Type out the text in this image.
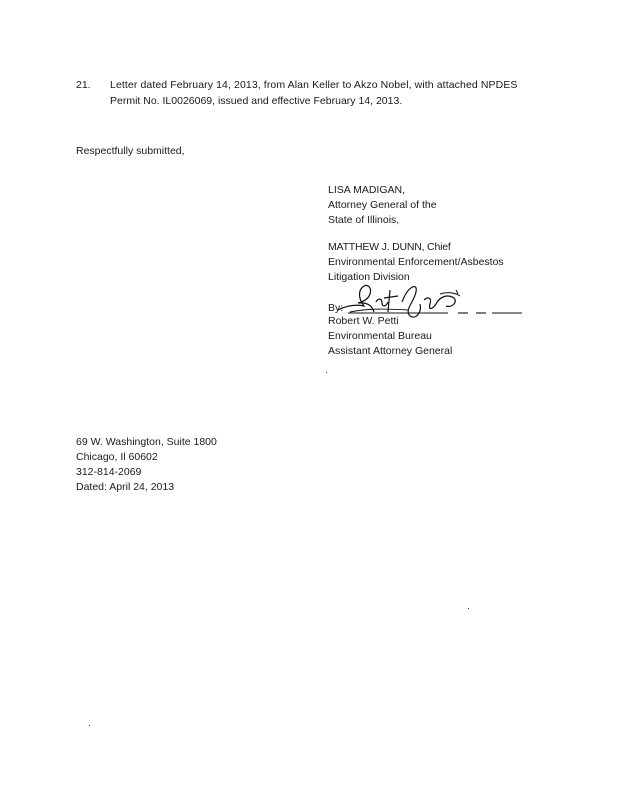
21. Letter dated February 14, 2013, from Alan Keller to Akzo Nobel, with attached NPDES
Permit No. IL0026069, issued and effective February 14, 2013.
Respectfully submitted,
LISA MADIGAN,
Attorney General of the
State of Illinois,
MATTHEW J. DUNN, Chief
Environmental Enforcement/Asbestos
Litigation Division
By:
Robert W. Petti
Environmental Bureau
Assistant Attorney General
69 W. Washington, Suite 1800
Chicago, Il 60602
312-814-2069
Dated: April 24, 2013
